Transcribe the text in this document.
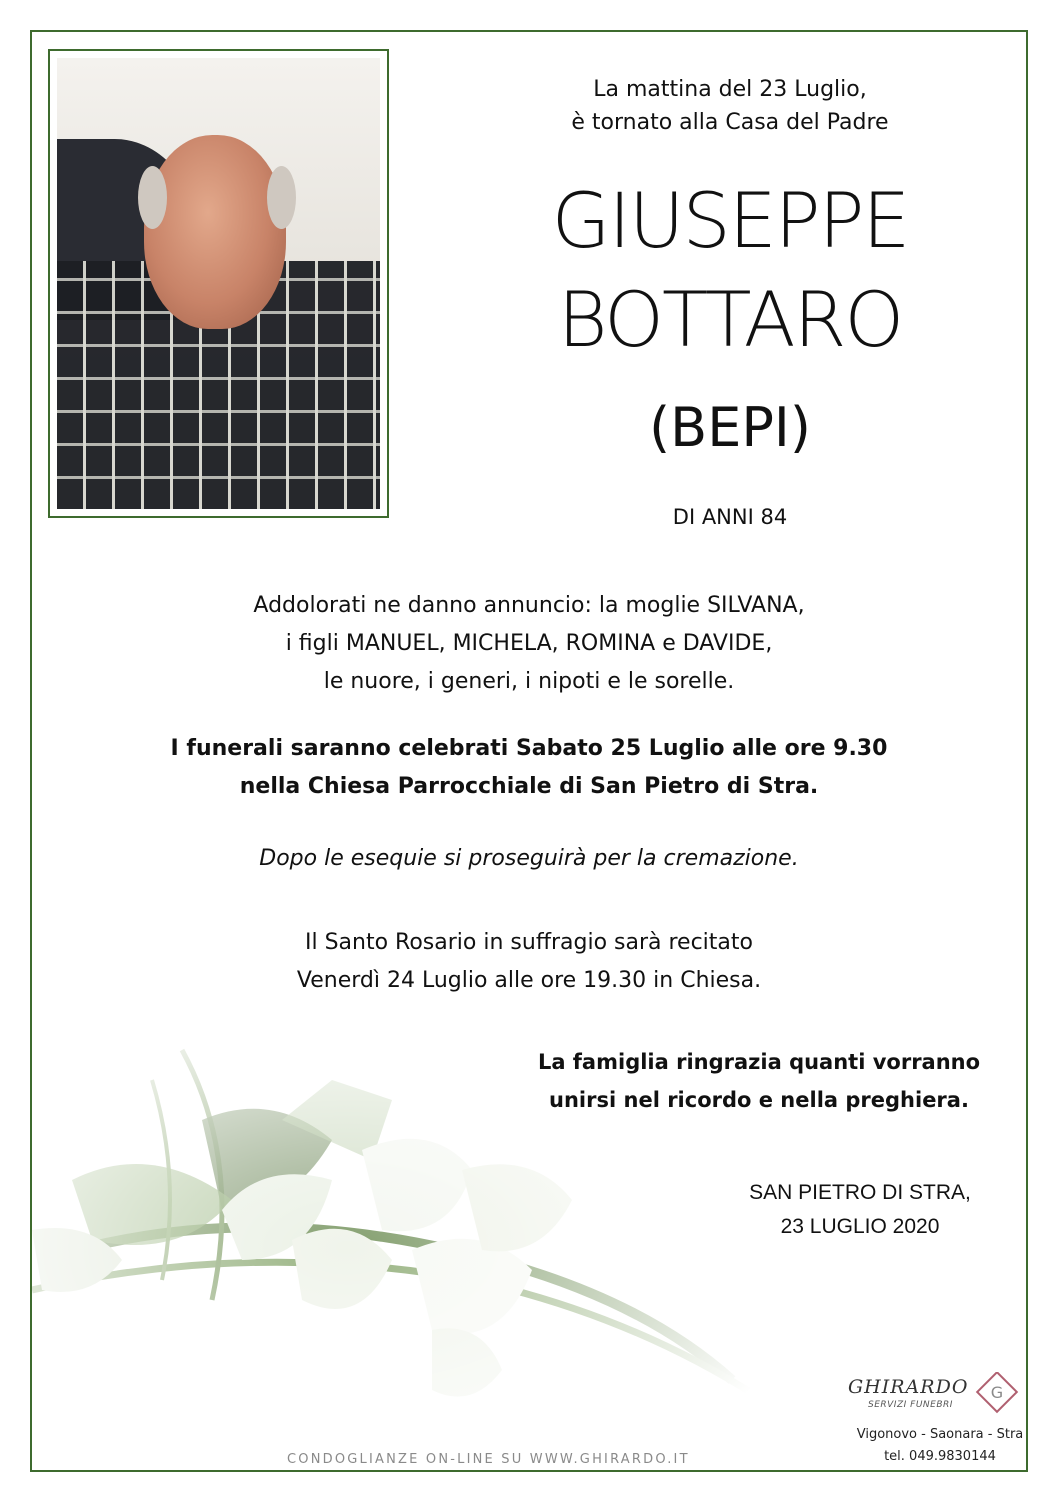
La mattina del 23 Luglio,
è tornato alla Casa del Padre
GIUSEPPE
BOTTARO
(BEPI)
DI ANNI 84
Addolorati ne danno annuncio: la moglie SILVANA,
i figli MANUEL, MICHELA, ROMINA e DAVIDE,
le nuore, i generi, i nipoti e le sorelle.
I funerali saranno celebrati Sabato 25 Luglio alle ore 9.30
nella Chiesa Parrocchiale di San Pietro di Stra.
Dopo le esequie si proseguirà per la cremazione.
Il Santo Rosario in suffragio sarà recitato
Venerdì 24 Luglio alle ore 19.30 in Chiesa.
La famiglia ringrazia quanti vorranno
unirsi nel ricordo e nella preghiera.
SAN PIETRO DI STRA,
23 LUGLIO 2020
G
GHIRARDO
SERVIZI FUNEBRI
Vigonovo - Saonara - Stra
tel. 049.9830144
CONDOGLIANZE ON-LINE SU WWW.GHIRARDO.IT
